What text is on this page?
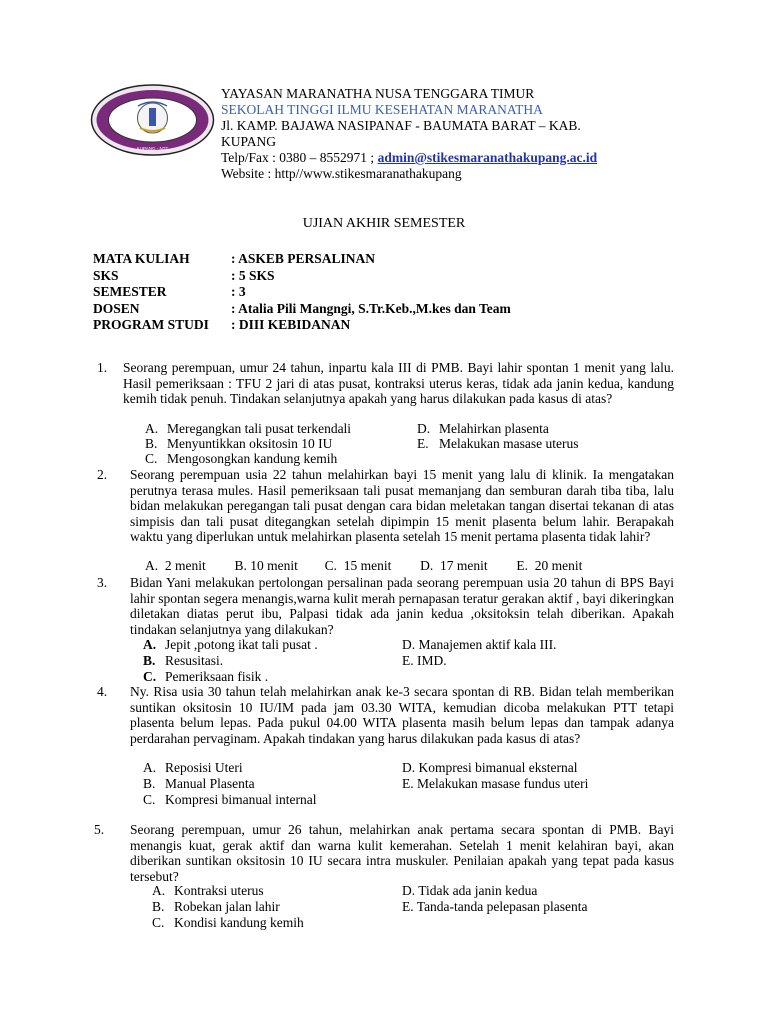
KUPANG - NTT
YAYASAN MARANATHA NUSA TENGGARA TIMUR
SEKOLAH TINGGI ILMU KESEHATAN MARANATHA
Jl. KAMP. BAJAWA NASIPANAF - BAUMATA BARAT – KAB.
KUPANG
Telp/Fax : 0380 – 8552971 ; admin@stikesmaranathakupang.ac.id
Website : http//www.stikesmaranathakupang
UJIAN AKHIR SEMESTER
MATA KULIAH	: ASKEB PERSALINAN
SKS	: 5 SKS
SEMESTER	: 3
DOSEN	: Atalia Pili Mangngi, S.Tr.Keb.,M.kes dan Team
PROGRAM STUDI	: DIII KEBIDANAN
1. Seorang perempuan, umur 24 tahun, inpartu kala III di PMB. Bayi lahir spontan 1 menit yang lalu. Hasil pemeriksaan : TFU 2 jari di atas pusat, kontraksi uterus keras, tidak ada janin kedua, kandung kemih tidak penuh. Tindakan selanjutnya apakah yang harus dilakukan pada kasus di atas?
A. Meregangkan tali pusat terkendali
B. Menyuntikkan oksitosin 10 IU
C. Mengosongkan kandung kemih
D. Melahirkan plasenta
E. Melakukan masase uterus
2. Seorang perempuan usia 22 tahun melahirkan bayi 15 menit yang lalu di klinik. Ia mengatakan perutnya terasa mules. Hasil pemeriksaan tali pusat memanjang dan semburan darah tiba tiba, lalu bidan melakukan peregangan tali pusat dengan cara bidan meletakan tangan disertai tekanan di atas simpisis dan tali pusat ditegangkan setelah dipimpin 15 menit plasenta belum lahir. Berapakah waktu yang diperlukan untuk melahirkan plasenta setelah 15 menit pertama plasenta tidak lahir?
A. 2 menit B. 10 menit C. 15 menit D. 17 menit E. 20 menit
3. Bidan Yani melakukan pertolongan persalinan pada seorang perempuan usia 20 tahun di BPS Bayi lahir spontan segera menangis,warna kulit merah pernapasan teratur gerakan aktif , bayi dikeringkan diletakan diatas perut ibu, Palpasi tidak ada janin kedua ,oksitoksin telah diberikan. Apakah tindakan selanjutnya yang dilakukan?
A. Jepit ,potong ikat tali pusat .
B. Resusitasi.
C. Pemeriksaan fisik .
D. Manajemen aktif kala III.
E. IMD.
4. Ny. Risa usia 30 tahun telah melahirkan anak ke-3 secara spontan di RB. Bidan telah memberikan suntikan oksitosin 10 IU/IM pada jam 03.30 WITA, kemudian dicoba melakukan PTT tetapi plasenta belum lepas. Pada pukul 04.00 WITA plasenta masih belum lepas dan tampak adanya perdarahan pervaginam. Apakah tindakan yang harus dilakukan pada kasus di atas?
A. Reposisi Uteri
B. Manual Plasenta
C. Kompresi bimanual internal
D. Kompresi bimanual eksternal
E. Melakukan masase fundus uteri
5. Seorang perempuan, umur 26 tahun, melahirkan anak pertama secara spontan di PMB. Bayi menangis kuat, gerak aktif dan warna kulit kemerahan. Setelah 1 menit kelahiran bayi, akan diberikan suntikan oksitosin 10 IU secara intra muskuler. Penilaian apakah yang tepat pada kasus tersebut?
A. Kontraksi uterus
B. Robekan jalan lahir
C. Kondisi kandung kemih
D. Tidak ada janin kedua
E. Tanda-tanda pelepasan plasenta
